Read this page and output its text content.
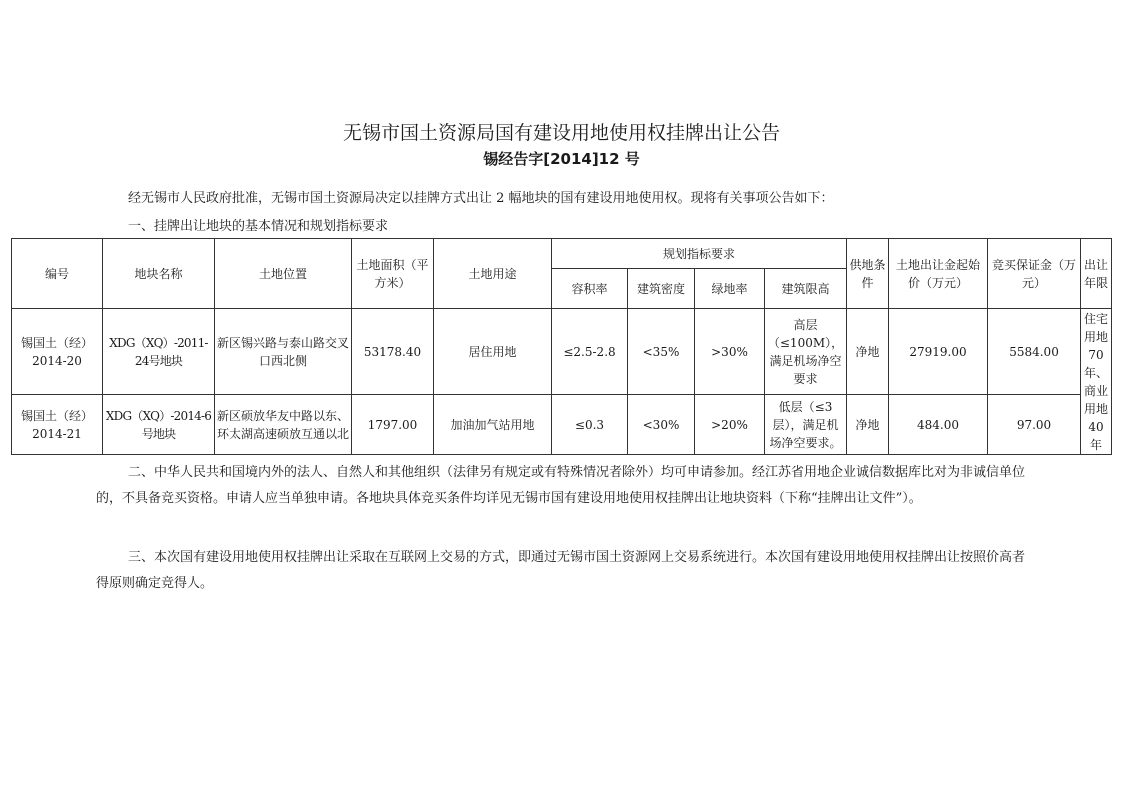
无锡市国土资源局国有建设用地使用权挂牌出让公告
锡经告字[2014]12 号

经无锡市人民政府批准，无锡市国土资源局决定以挂牌方式出让 2 幅地块的国有建设用地使用权。现将有关事项公告如下：

一、挂牌出让地块的基本情况和规划指标要求

编号	地块名称	土地位置	土地面积（平方米）	土地用途	规划指标要求				供地条件	土地出让金起始价（万元）	竞买保证金（万元）	出让年限
					容积率	建筑密度	绿地率	建筑限高				
锡国土（经）2014-20	XDG（XQ）-2011-24号地块	新区锡兴路与泰山路交叉口西北侧	53178.40	居住用地	≤2.5-2.8	<35%	>30%	高层（≤100M），满足机场净空要求	净地	27919.00	5584.00	住宅用地 70 年、商业用地 40 年
锡国土（经）2014-21	XDG（XQ）-2014-6号地块	新区硕放华友中路以东、环太湖高速硕放互通以北	1797.00	加油加气站用地	≤0.3	<30%	>20%	低层（≤3层），满足机场净空要求。	净地	484.00	97.00	

二、中华人民共和国境内外的法人、自然人和其他组织（法律另有规定或有特殊情况者除外）均可申请参加。经江苏省用地企业诚信数据库比对为非诚信单位的，不具备竞买资格。申请人应当单独申请。各地块具体竞买条件均详见无锡市国有建设用地使用权挂牌出让地块资料（下称“挂牌出让文件”）。

三、本次国有建设用地使用权挂牌出让采取在互联网上交易的方式，即通过无锡市国土资源网上交易系统进行。本次国有建设用地使用权挂牌出让按照价高者得原则确定竞得人。
